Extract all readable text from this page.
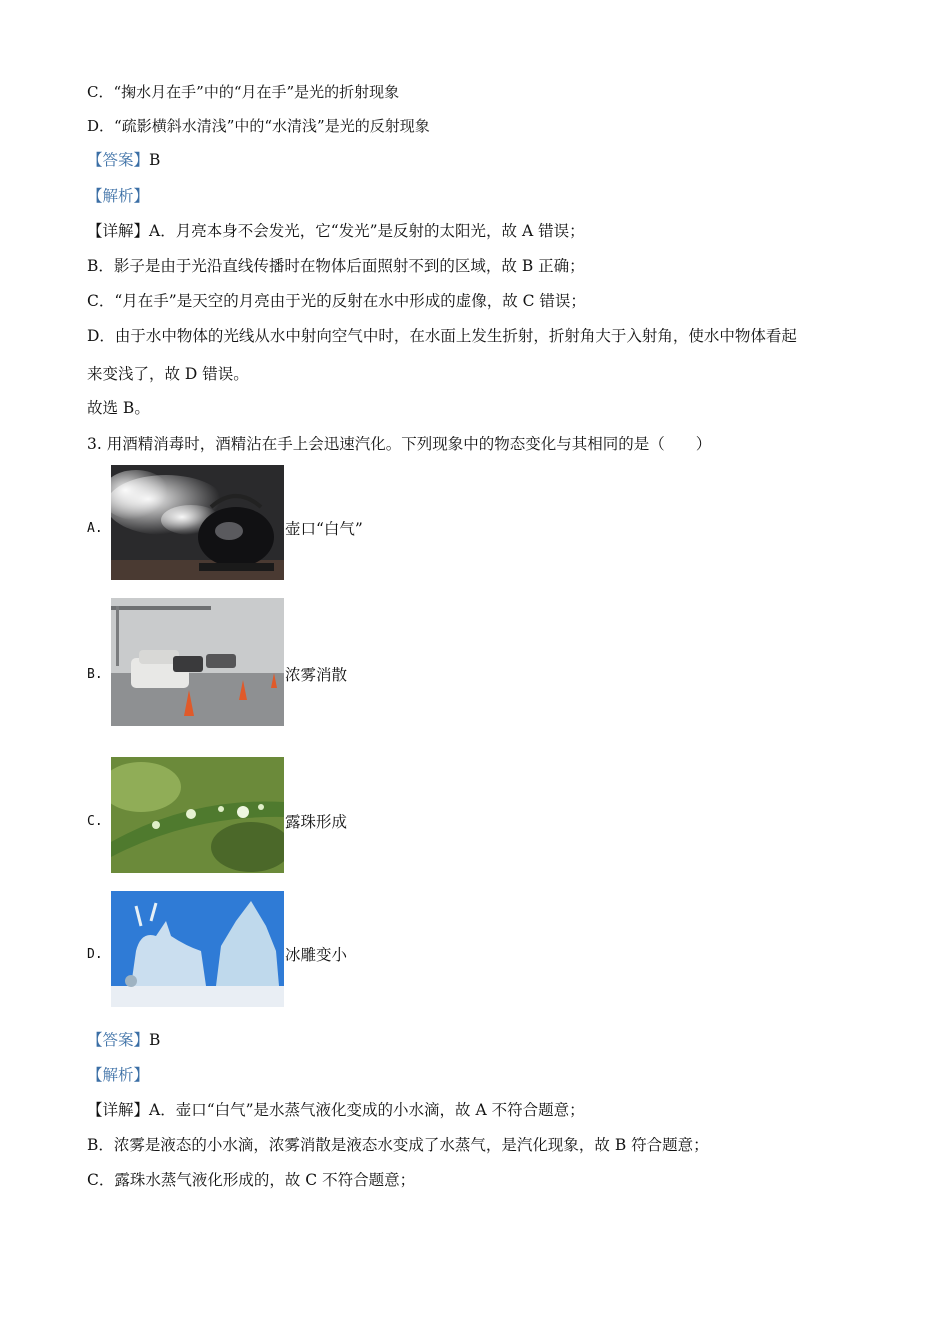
C．“掬水月在手”中的“月在手”是光的折射现象
D．“疏影横斜水清浅”中的“水清浅”是光的反射现象
【答案】B
【解析】
【详解】A．月亮本身不会发光，它“发光”是反射的太阳光，故 A 错误；
B．影子是由于光沿直线传播时在物体后面照射不到的区域，故 B 正确；
C．“月在手”是天空的月亮由于光的反射在水中形成的虚像，故 C 错误；
D．由于水中物体的光线从水中射向空气中时，在水面上发生折射，折射角大于入射角，使水中物体看起
来变浅了，故 D 错误。
故选 B。
3. 用酒精消毒时，酒精沾在手上会迅速汽化。下列现象中的物态变化与其相同的是（　　）
A.	壶口“白气”
B.	浓雾消散
C.	露珠形成
D.	冰雕变小
【答案】B
【解析】
【详解】A．壶口“白气”是水蒸气液化变成的小水滴，故 A 不符合题意；
B．浓雾是液态的小水滴，浓雾消散是液态水变成了水蒸气，是汽化现象，故 B 符合题意；
C．露珠水蒸气液化形成的，故 C 不符合题意；
